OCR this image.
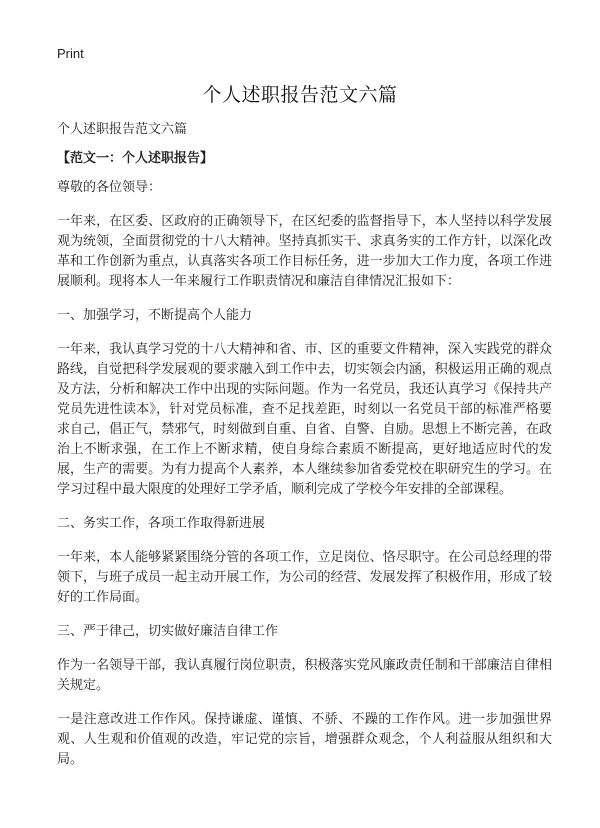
Print
个人述职报告范文六篇

个人述职报告范文六篇

【范文一：个人述职报告】

尊敬的各位领导：

一年来，在区委、区政府的正确领导下，在区纪委的监督指导下，本人坚持以科学发展观为统领，全面贯彻党的十八大精神。坚持真抓实干、求真务实的工作方针，以深化改革和工作创新为重点，认真落实各项工作目标任务，进一步加大工作力度，各项工作进展顺利。现将本人一年来履行工作职责情况和廉洁自律情况汇报如下：

一、加强学习，不断提高个人能力

一年来，我认真学习党的十八大精神和省、市、区的重要文件精神，深入实践党的群众路线，自觉把科学发展观的要求融入到工作中去，切实领会内涵，积极运用正确的观点及方法，分析和解决工作中出现的实际问题。作为一名党员，我还认真学习《保持共产党员先进性读本》，针对党员标准，查不足找差距，时刻以一名党员干部的标准严格要求自己，倡正气，禁邪气，时刻做到自重、自省、自警、自励。思想上不断完善，在政治上不断求强，在工作上不断求精，使自身综合素质不断提高，更好地适应时代的发展，生产的需要。为有力提高个人素养，本人继续参加省委党校在职研究生的学习。在学习过程中最大限度的处理好工学矛盾，顺利完成了学校今年安排的全部课程。

二、务实工作，各项工作取得新进展

一年来，本人能够紧紧围绕分管的各项工作，立足岗位、恪尽职守。在公司总经理的带领下，与班子成员一起主动开展工作，为公司的经营、发展发挥了积极作用，形成了较好的工作局面。

三、严于律己，切实做好廉洁自律工作

作为一名领导干部，我认真履行岗位职责，积极落实党风廉政责任制和干部廉洁自律相关规定。

一是注意改进工作作风。保持谦虚、谨慎、不骄、不躁的工作作风。进一步加强世界观、人生观和价值观的改造，牢记党的宗旨，增强群众观念，个人利益服从组织和大局。
